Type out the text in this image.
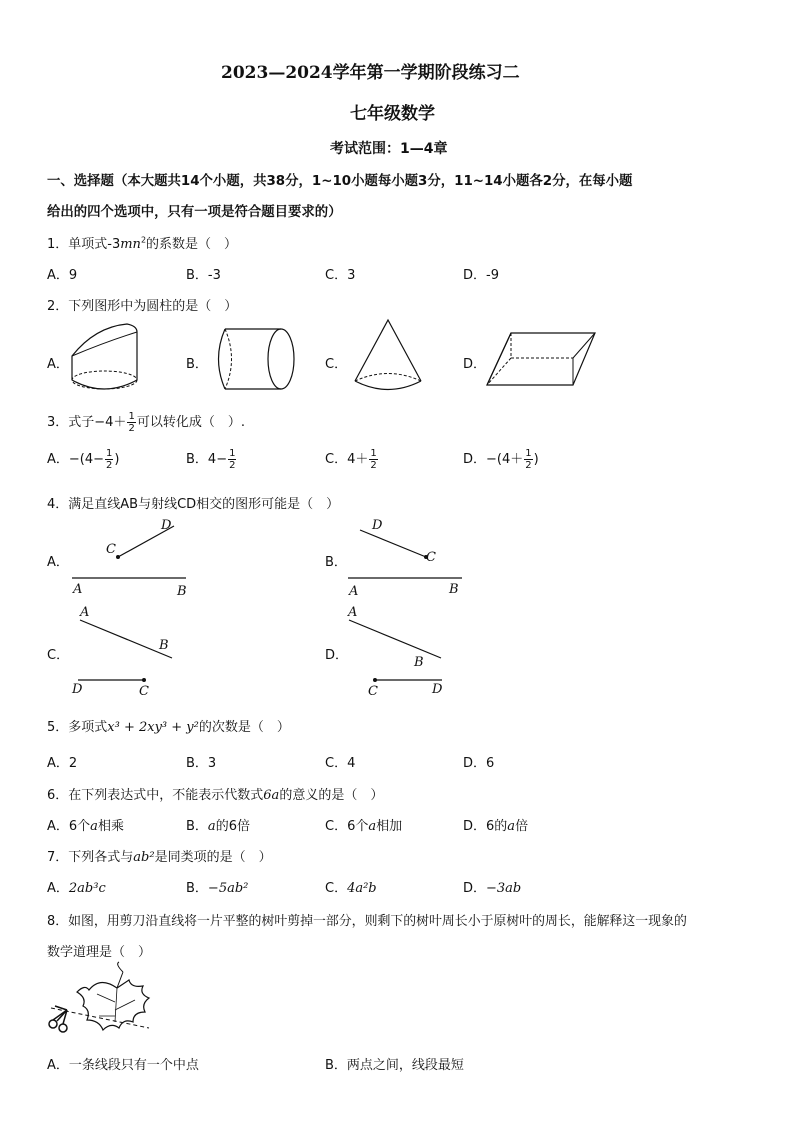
2023—2024学年第一学期阶段练习二
七年级数学
考试范围：1—4章
一、选择题（本大题共14个小题，共38分，1~10小题每小题3分，11~14小题各2分，在每小题
给出的四个选项中，只有一项是符合题目要求的）
1．单项式$-3mn^2$的系数是（　）
A．9	B．-3	C．3	D．-9
2．下列图形中为圆柱的是（　）
A．	B．	C．	D．
3．式子$-4+ \frac{1}{2}$ 可以转化成（　）.
A．$-(4- \frac{1}{2}$ )	B．$4- \frac{1}{2}$	C．$4+ \frac{1}{2}$	D．$-(4+ \frac{1}{2}$ )
4．满足直线AB与射线CD相交的图形可能是（　）
A．	B．
C．	D．
C
D
A	B
D
C
A	B
A
B
D	C
A
B
C	D
5．多项式x³ + 2xy³ + y²的次数是（　）
A．2	B．3	C．4	D．6
6．在下列表达式中，不能表示代数式6a的意义的是（　）
A．6个a相乘	B．a的6倍	C．6个a相加	D．6的a倍
7．下列各式与ab²是同类项的是（　）
A．2ab³c	B．−5ab²	C．4a²b	D．−3ab
8．如图，用剪刀沿直线将一片平整的树叶剪掉一部分，则剩下的树叶周长小于原树叶的周长，能解释这一现象的
数学道理是（　）
A．一条线段只有一个中点	B．两点之间，线段最短
